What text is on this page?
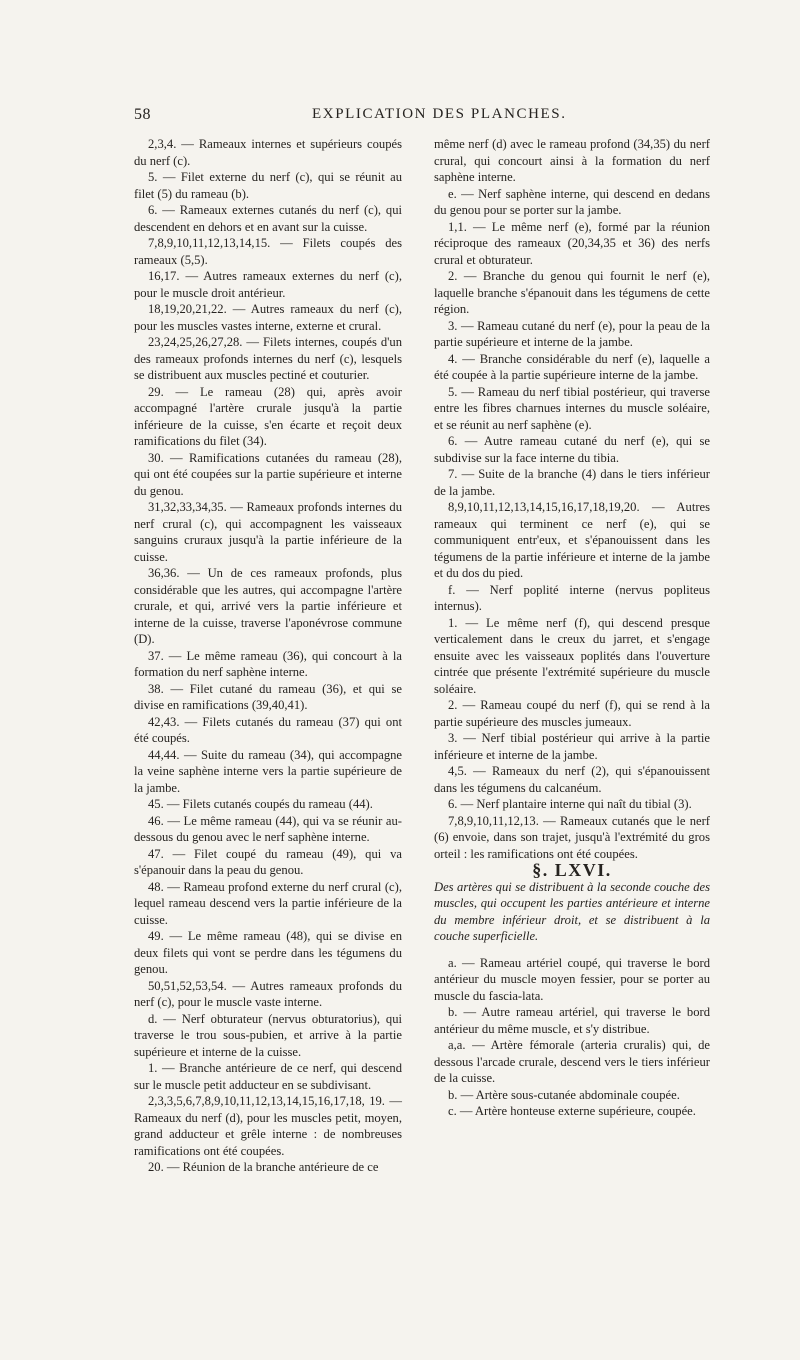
58	EXPLICATION DES PLANCHES.

2,3,4. — Rameaux internes et supérieurs coupés du nerf (c).

5. — Filet externe du nerf (c), qui se réunit au filet (5) du rameau (b).

6. — Rameaux externes cutanés du nerf (c), qui descendent en dehors et en avant sur la cuisse.

7,8,9,10,11,12,13,14,15. — Filets coupés des rameaux (5,5).

16,17. — Autres rameaux externes du nerf (c), pour le muscle droit antérieur.

18,19,20,21,22. — Autres rameaux du nerf (c), pour les muscles vastes interne, externe et crural.

23,24,25,26,27,28. — Filets internes, coupés d'un des rameaux profonds internes du nerf (c), lesquels se distribuent aux muscles pectiné et couturier.

29. — Le rameau (28) qui, après avoir accompagné l'artère crurale jusqu'à la partie inférieure de la cuisse, s'en écarte et reçoit deux ramifications du filet (34).

30. — Ramifications cutanées du rameau (28), qui ont été coupées sur la partie supérieure et interne du genou.

31,32,33,34,35. — Rameaux profonds internes du nerf crural (c), qui accompagnent les vaisseaux sanguins cruraux jusqu'à la partie inférieure de la cuisse.

36,36. — Un de ces rameaux profonds, plus considérable que les autres, qui accompagne l'artère crurale, et qui, arrivé vers la partie inférieure et interne de la cuisse, traverse l'aponévrose commune (D).

37. — Le même rameau (36), qui concourt à la formation du nerf saphène interne.

38. — Filet cutané du rameau (36), et qui se divise en ramifications (39,40,41).

42,43. — Filets cutanés du rameau (37) qui ont été coupés.

44,44. — Suite du rameau (34), qui accompagne la veine saphène interne vers la partie supérieure de la jambe.

45. — Filets cutanés coupés du rameau (44).

46. — Le même rameau (44), qui va se réunir au-dessous du genou avec le nerf saphène interne.

47. — Filet coupé du rameau (49), qui va s'épanouir dans la peau du genou.

48. — Rameau profond externe du nerf crural (c), lequel rameau descend vers la partie inférieure de la cuisse.

49. — Le même rameau (48), qui se divise en deux filets qui vont se perdre dans les tégumens du genou.

50,51,52,53,54. — Autres rameaux profonds du nerf (c), pour le muscle vaste interne.

d. — Nerf obturateur (nervus obturatorius), qui traverse le trou sous-pubien, et arrive à la partie supérieure et interne de la cuisse.

1. — Branche antérieure de ce nerf, qui descend sur le muscle petit adducteur en se subdivisant.

2,3,3,5,6,7,8,9,10,11,12,13,14,15,16,17,18, 19. — Rameaux du nerf (d), pour les muscles petit, moyen, grand adducteur et grêle interne : de nombreuses ramifications ont été coupées.

20. — Réunion de la branche antérieure de ce

même nerf (d) avec le rameau profond (34,35) du nerf crural, qui concourt ainsi à la formation du nerf saphène interne.

e. — Nerf saphène interne, qui descend en dedans du genou pour se porter sur la jambe.

1,1. — Le même nerf (e), formé par la réunion réciproque des rameaux (20,34,35 et 36) des nerfs crural et obturateur.

2. — Branche du genou qui fournit le nerf (e), laquelle branche s'épanouit dans les tégumens de cette région.

3. — Rameau cutané du nerf (e), pour la peau de la partie supérieure et interne de la jambe.

4. — Branche considérable du nerf (e), laquelle a été coupée à la partie supérieure interne de la jambe.

5. — Rameau du nerf tibial postérieur, qui traverse entre les fibres charnues internes du muscle soléaire, et se réunit au nerf saphène (e).

6. — Autre rameau cutané du nerf (e), qui se subdivise sur la face interne du tibia.

7. — Suite de la branche (4) dans le tiers inférieur de la jambe.

8,9,10,11,12,13,14,15,16,17,18,19,20. — Autres rameaux qui terminent ce nerf (e), qui se communiquent entr'eux, et s'épanouissent dans les tégumens de la partie inférieure et interne de la jambe et du dos du pied.

f. — Nerf poplité interne (nervus popliteus internus).

1. — Le même nerf (f), qui descend presque verticalement dans le creux du jarret, et s'engage ensuite avec les vaisseaux poplités dans l'ouverture cintrée que présente l'extrémité supérieure du muscle soléaire.

2. — Rameau coupé du nerf (f), qui se rend à la partie supérieure des muscles jumeaux.

3. — Nerf tibial postérieur qui arrive à la partie inférieure et interne de la jambe.

4,5. — Rameaux du nerf (2), qui s'épanouissent dans les tégumens du calcanéum.

6. — Nerf plantaire interne qui naît du tibial (3).

7,8,9,10,11,12,13. — Rameaux cutanés que le nerf (6) envoie, dans son trajet, jusqu'à l'extrémité du gros orteil : les ramifications ont été coupées.

§. LXVI.

Des artères qui se distribuent à la seconde couche des muscles, qui occupent les parties antérieure et interne du membre inférieur droit, et se distribuent à la couche superficielle.

a. — Rameau artériel coupé, qui traverse le bord antérieur du muscle moyen fessier, pour se porter au muscle du fascia-lata.

b. — Autre rameau artériel, qui traverse le bord antérieur du même muscle, et s'y distribue.

a,a. — Artère fémorale (arteria cruralis) qui, de dessous l'arcade crurale, descend vers le tiers inférieur de la cuisse.

b. — Artère sous-cutanée abdominale coupée.

c. — Artère honteuse externe supérieure, coupée.
